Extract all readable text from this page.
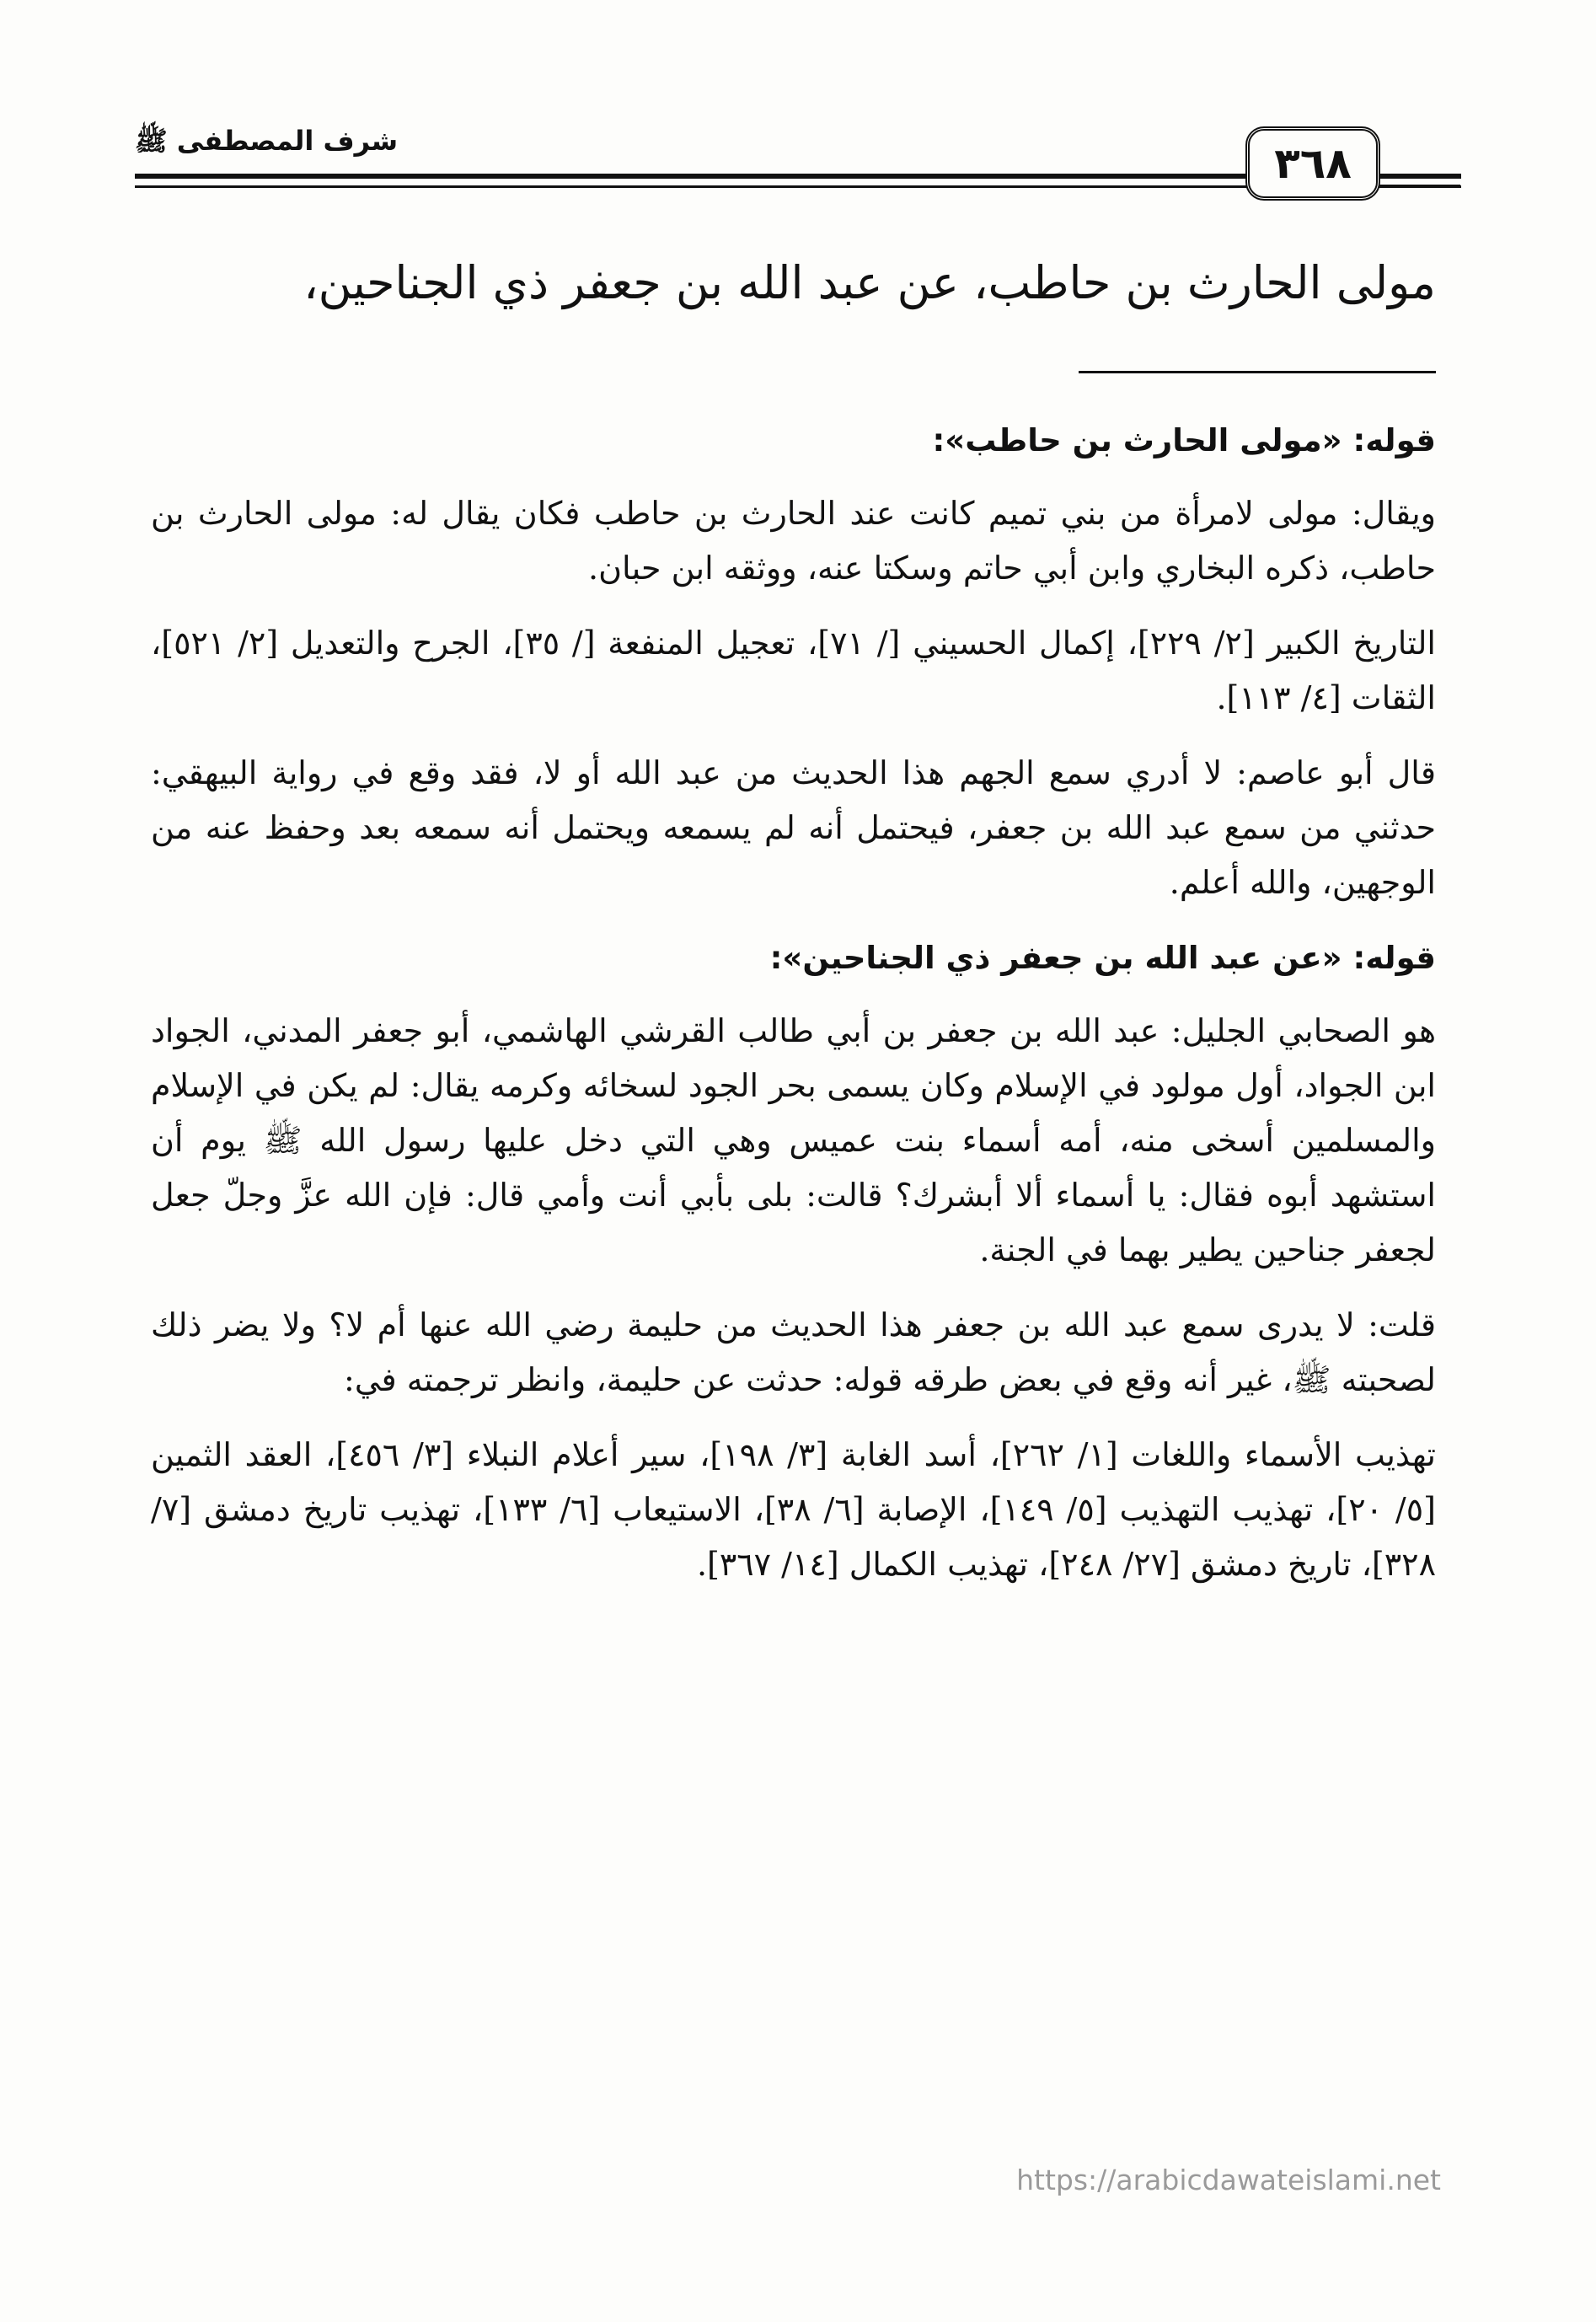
٣٦٨
شرف المصطفى ﷺ
مولى الحارث بن حاطب، عن عبد الله بن جعفر ذي الجناحين،

قوله: «مولى الحارث بن حاطب»:

ويقال: مولى لامرأة من بني تميم كانت عند الحارث بن حاطب فكان يقال له: مولى الحارث بن حاطب، ذكره البخاري وابن أبي حاتم وسكتا عنه، ووثقه ابن حبان.

التاريخ الكبير [٢/ ٢٢٩]، إكمال الحسيني [/ ٧١]، تعجيل المنفعة [/ ٣٥]، الجرح والتعديل [٢/ ٥٢١]، الثقات [٤/ ١١٣].

قال أبو عاصم: لا أدري سمع الجهم هذا الحديث من عبد الله أو لا، فقد وقع في رواية البيهقي: حدثني من سمع عبد الله بن جعفر، فيحتمل أنه لم يسمعه ويحتمل أنه سمعه بعد وحفظ عنه من الوجهين، والله أعلم.

قوله: «عن عبد الله بن جعفر ذي الجناحين»:

هو الصحابي الجليل: عبد الله بن جعفر بن أبي طالب القرشي الهاشمي، أبو جعفر المدني، الجواد ابن الجواد، أول مولود في الإسلام وكان يسمى بحر الجود لسخائه وكرمه يقال: لم يكن في الإسلام والمسلمين أسخى منه، أمه أسماء بنت عميس وهي التي دخل عليها رسول الله ﷺ يوم أن استشهد أبوه فقال: يا أسماء ألا أبشرك؟ قالت: بلى بأبي أنت وأمي قال: فإن الله عزَّ وجلّ جعل لجعفر جناحين يطير بهما في الجنة.

قلت: لا يدرى سمع عبد الله بن جعفر هذا الحديث من حليمة رضي الله عنها أم لا؟ ولا يضر ذلك لصحبته ﷺ، غير أنه وقع في بعض طرقه قوله: حدثت عن حليمة، وانظر ترجمته في:

تهذيب الأسماء واللغات [١/ ٢٦٢]، أسد الغابة [٣/ ١٩٨]، سير أعلام النبلاء [٣/ ٤٥٦]، العقد الثمين [٥/ ٢٠]، تهذيب التهذيب [٥/ ١٤٩]، الإصابة [٦/ ٣٨]، الاستيعاب [٦/ ١٣٣]، تهذيب تاريخ دمشق [٧/ ٣٢٨]، تاريخ دمشق [٢٧/ ٢٤٨]، تهذيب الكمال [١٤/ ٣٦٧].

https://arabicdawateislami.net
